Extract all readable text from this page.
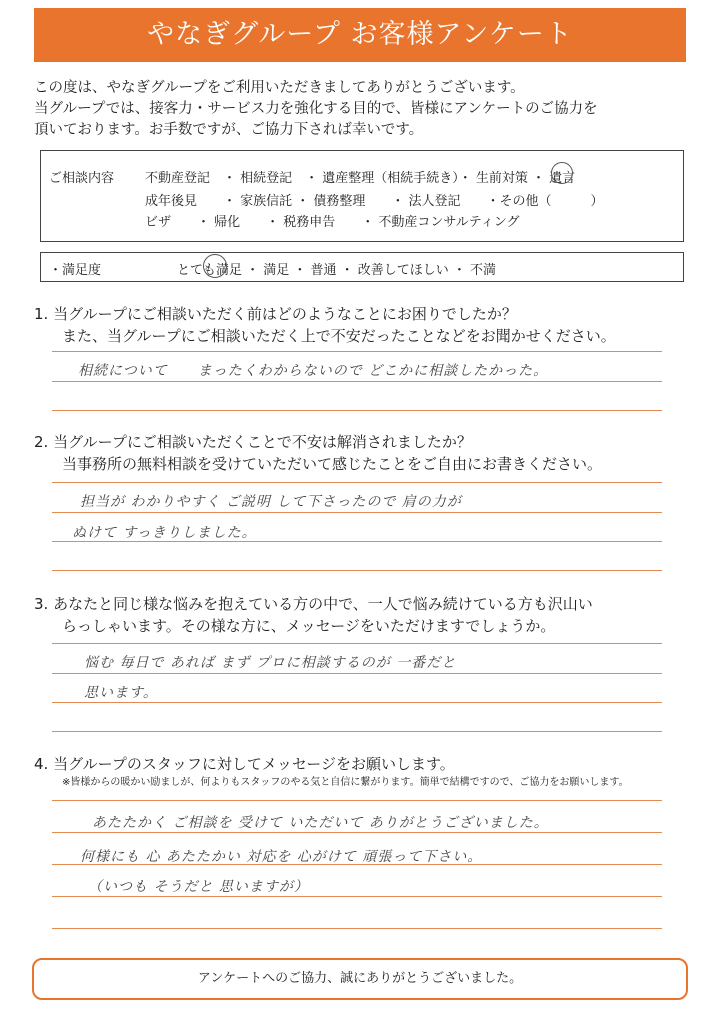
やなぎグループ お客様アンケート
この度は、やなぎグループをご利用いただきましてありがとうございます。
当グループでは、接客力・サービス力を強化する目的で、皆様にアンケートのご協力を
頂いております。お手数ですが、ご協力下されば幸いです。
ご相談内容 不動産登記　・ 相続登記　・ 遺産整理（相続手続き）・ 生前対策 ・ 遺言
成年後見　　・ 家族信託 ・ 債務整理　　・ 法人登記　　・その他（　　　）
ビザ　　・ 帰化　　・ 税務申告　　・ 不動産コンサルティング
・満足度	とても満足 ・ 満足 ・ 普通 ・ 改善してほしい ・ 不満
1. 当グループにご相談いただく前はどのようなことにお困りでしたか？
また、当グループにご相談いただく上で不安だったことなどをお聞かせください。
相続について　　まったくわからないので どこかに相談したかった。
2. 当グループにご相談いただくことで不安は解消されましたか？
当事務所の無料相談を受けていただいて感じたことをご自由にお書きください。
担当が わかりやすく ご説明 して下さったので 肩の力が
ぬけて すっきりしました。
3. あなたと同じ様な悩みを抱えている方の中で、一人で悩み続けている方も沢山い
らっしゃいます。その様な方に、メッセージをいただけますでしょうか。
悩む 毎日で あれば まず プロに相談するのが 一番だと
思います。
4. 当グループのスタッフに対してメッセージをお願いします。
※皆様からの暖かい励ましが、何よりもスタッフのやる気と自信に繋がります。簡単で結構ですので、ご協力をお願いします。
あたたかく ご相談を 受けて いただいて ありがとうございました。
何様にも 心 あたたかい 対応を 心がけて 頑張って下さい。
（いつも そうだと 思いますが）
アンケートへのご協力、誠にありがとうございました。
